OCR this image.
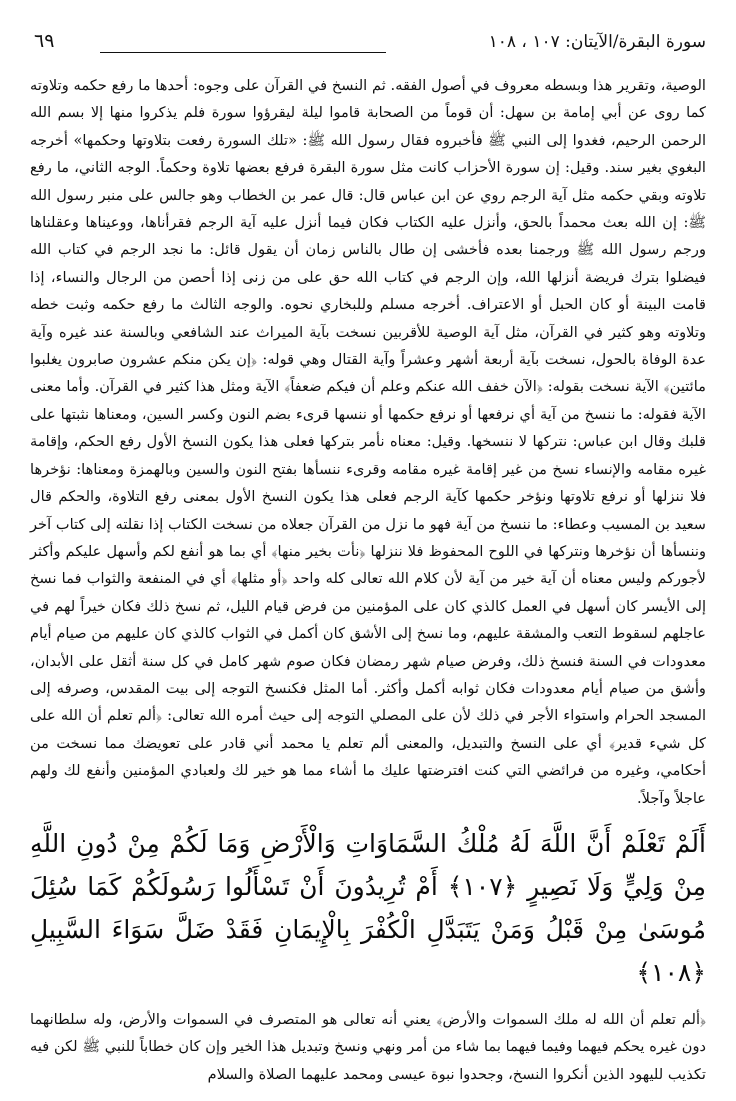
سورة البقرة/الآيتان: ١٠٧ ، ١٠٨
٦٩

الوصية، وتقرير هذا وبسطه معروف في أصول الفقه. ثم النسخ في القرآن على وجوه: أحدها ما رفع حكمه وتلاوته كما روى عن أبي إمامة بن سهل: أن قوماً من الصحابة قاموا ليلة ليقرؤوا سورة فلم يذكروا منها إلا بسم الله الرحمن الرحيم، فغدوا إلى النبي ﷺ فأخبروه فقال رسول الله ﷺ: «تلك السورة رفعت بتلاوتها وحكمها» أخرجه البغوي بغير سند. وقيل: إن سورة الأحزاب كانت مثل سورة البقرة فرفع بعضها تلاوة وحكماً. الوجه الثاني، ما رفع تلاوته وبقي حكمه مثل آية الرجم روي عن ابن عباس قال: قال عمر بن الخطاب وهو جالس على منبر رسول الله ﷺ: إن الله بعث محمداً بالحق، وأنزل عليه الكتاب فكان فيما أنزل عليه آية الرجم فقرأناها، ووعيناها وعقلناها ورجم رسول الله ﷺ ورجمنا بعده فأخشى إن طال بالناس زمان أن يقول قائل: ما نجد الرجم في كتاب الله فيضلوا بترك فريضة أنزلها الله، وإن الرجم في كتاب الله حق على من زنى إذا أحصن من الرجال والنساء، إذا قامت البينة أو كان الحبل أو الاعتراف. أخرجه مسلم وللبخاري نحوه. والوجه الثالث ما رفع حكمه وثبت خطه وتلاوته وهو كثير في القرآن، مثل آية الوصية للأقربين نسخت بآية الميراث عند الشافعي وبالسنة عند غيره وآية عدة الوفاة بالحول، نسخت بآية أربعة أشهر وعشراً وآية القتال وهي قوله: ﴿إن يكن منكم عشرون صابرون يغلبوا مائتين﴾ الآية نسخت بقوله: ﴿الآن خفف الله عنكم وعلم أن فيكم ضعفاً﴾ الآية ومثل هذا كثير في القرآن. وأما معنى الآية فقوله: ما ننسخ من آية أي نرفعها أو نرفع حكمها أو ننسها قرىء بضم النون وكسر السين، ومعناها نثبتها على قلبك وقال ابن عباس: نتركها لا ننسخها. وقيل: معناه نأمر بتركها فعلى هذا يكون النسخ الأول رفع الحكم، وإقامة غيره مقامه والإنساء نسخ من غير إقامة غيره مقامه وقرىء ننسأها بفتح النون والسين وبالهمزة ومعناها: نؤخرها فلا ننزلها أو نرفع تلاوتها ونؤخر حكمها كآية الرجم فعلى هذا يكون النسخ الأول بمعنى رفع التلاوة، والحكم قال سعيد بن المسيب وعطاء: ما ننسخ من آية فهو ما نزل من القرآن جعلاه من نسخت الكتاب إذا نقلته إلى كتاب آخر وننسأها أن نؤخرها ونتركها في اللوح المحفوظ فلا ننزلها ﴿نأت بخير منها﴾ أي بما هو أنفع لكم وأسهل عليكم وأكثر لأجوركم وليس معناه أن آية خير من آية لأن كلام الله تعالى كله واحد ﴿أو مثلها﴾ أي في المنفعة والثواب فما نسخ إلى الأيسر كان أسهل في العمل كالذي كان على المؤمنين من فرض قيام الليل، ثم نسخ ذلك فكان خيراً لهم في عاجلهم لسقوط التعب والمشقة عليهم، وما نسخ إلى الأشق كان أكمل في الثواب كالذي كان عليهم من صيام أيام معدودات في السنة فنسخ ذلك، وفرض صيام شهر رمضان فكان صوم شهر كامل في كل سنة أثقل على الأبدان، وأشق من صيام أيام معدودات فكان ثوابه أكمل وأكثر. أما المثل فكنسخ التوجه إلى بيت المقدس، وصرفه إلى المسجد الحرام واستواء الأجر في ذلك لأن على المصلي التوجه إلى حيث أمره الله تعالى: ﴿ألم تعلم أن الله على كل شيء قدير﴾ أي على النسخ والتبديل، والمعنى ألم تعلم يا محمد أني قادر على تعويضك مما نسخت من أحكامي، وغيره من فرائضي التي كنت افترضتها عليك ما أشاء مما هو خير لك ولعبادي المؤمنين وأنفع لك ولهم عاجلاً وآجلاً.

أَلَمْ تَعْلَمْ أَنَّ اللَّهَ لَهُ مُلْكُ السَّمَاوَاتِ وَالْأَرْضِ وَمَا لَكُمْ مِنْ دُونِ اللَّهِ مِنْ وَلِيٍّ وَلَا نَصِيرٍ ﴿١٠٧﴾ أَمْ تُرِيدُونَ أَنْ تَسْأَلُوا رَسُولَكُمْ كَمَا سُئِلَ مُوسَىٰ مِنْ قَبْلُ وَمَنْ يَتَبَدَّلِ الْكُفْرَ بِالْإِيمَانِ فَقَدْ ضَلَّ سَوَاءَ السَّبِيلِ ﴿١٠٨﴾

﴿ألم تعلم أن الله له ملك السموات والأرض﴾ يعني أنه تعالى هو المتصرف في السموات والأرض، وله سلطانهما دون غيره يحكم فيهما وفيما فيهما بما شاء من أمر ونهي ونسخ وتبديل هذا الخير وإن كان خطاباً للنبي ﷺ لكن فيه تكذيب لليهود الذين أنكروا النسخ، وجحدوا نبوة عيسى ومحمد عليهما الصلاة والسلام
